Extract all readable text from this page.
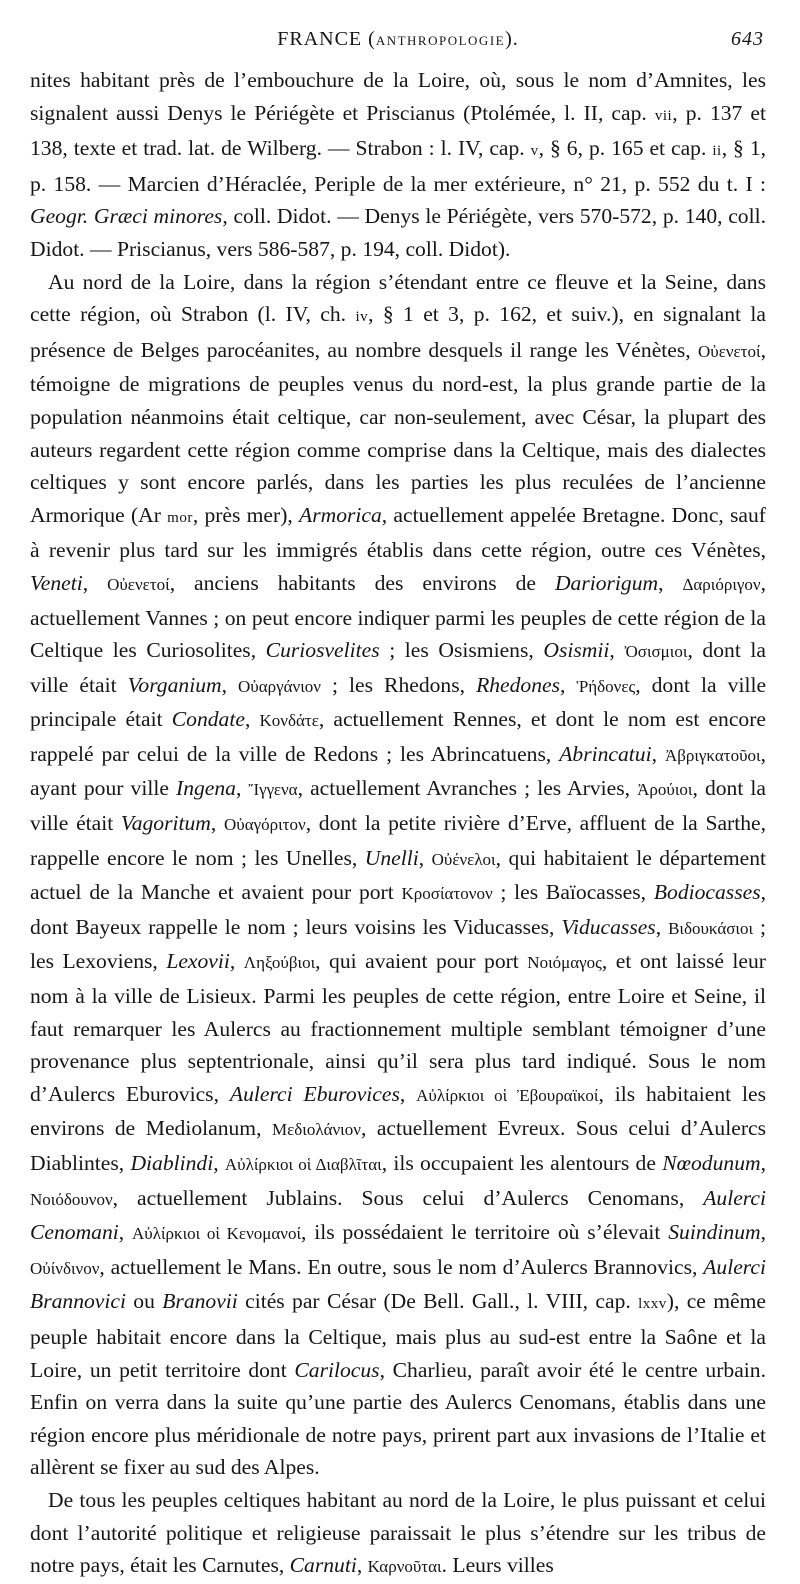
FRANCE (ANTHROPOLOGIE).	643

nites habitant près de l’embouchure de la Loire, où, sous le nom d’Amnites, les signalent aussi Denys le Périégète et Priscianus (Ptolémée, l. II, cap. vii, p. 137 et 138, texte et trad. lat. de Wilberg. — Strabon : l. IV, cap. v, § 6, p. 165 et cap. ii, § 1, p. 158. — Marcien d’Héraclée, Periple de la mer extérieure, n° 21, p. 552 du t. I : Geogr. Græci minores, coll. Didot. — Denys le Périégète, vers 570-572, p. 140, coll. Didot. — Priscianus, vers 586-587, p. 194, coll. Didot).

Au nord de la Loire, dans la région s’étendant entre ce fleuve et la Seine, dans cette région, où Strabon (l. IV, ch. iv, § 1 et 3, p. 162, et suiv.), en signalant la présence de Belges parocéanites, au nombre desquels il range les Vénètes, Οὐενετοί, témoigne de migrations de peuples venus du nord-est, la plus grande partie de la population néanmoins était celtique, car non-seulement, avec César, la plupart des auteurs regardent cette région comme comprise dans la Celtique, mais des dialectes celtiques y sont encore parlés, dans les parties les plus reculées de l’ancienne Armorique (Ar mor, près mer), Armorica, actuellement appelée Bretagne. Donc, sauf à revenir plus tard sur les immigrés établis dans cette région, outre ces Vénètes, Veneti, Οὐενετοί, anciens habitants des environs de Dariorigum, Δαριόριγον, actuellement Vannes ; on peut encore indiquer parmi les peuples de cette région de la Celtique les Curiosolites, Curiosvelites ; les Osismiens, Osismii, Ὀσισμιοι, dont la ville était Vorganium, Οὐαργάνιον ; les Rhedons, Rhedones, Ῥήδονες, dont la ville principale était Condate, Κονδάτε, actuellement Rennes, et dont le nom est encore rappelé par celui de la ville de Redons ; les Abrincatuens, Abrincatui, Ἀβριγκατοῦοι, ayant pour ville Ingena, Ἴγγενα, actuellement Avranches ; les Arvies, Ἀρούιοι, dont la ville était Vagoritum, Οὐαγόριτον, dont la petite rivière d’Erve, affluent de la Sarthe, rappelle encore le nom ; les Unelles, Unelli, Οὐένελοι, qui habitaient le département actuel de la Manche et avaient pour port Κροσίατονον ; les Baïocasses, Bodiocasses, dont Bayeux rappelle le nom ; leurs voisins les Viducasses, Viducasses, Βιδουκάσιοι ; les Lexoviens, Lexovii, Ληξούβιοι, qui avaient pour port Νοιόμαγος, et ont laissé leur nom à la ville de Lisieux. Parmi les peuples de cette région, entre Loire et Seine, il faut remarquer les Aulercs au fractionnement multiple semblant témoigner d’une provenance plus septentrionale, ainsi qu’il sera plus tard indiqué. Sous le nom d’Aulercs Eburovics, Aulerci Eburovices, Αὐλίρκιοι οἱ Ἐβουραϊκοί, ils habitaient les environs de Mediolanum, Μεδιολάνιον, actuellement Evreux. Sous celui d’Aulercs Diablintes, Diablindi, Αὐλίρκιοι οἱ Διαβλῖται, ils occupaient les alentours de Nœodunum, Νοιόδουνον, actuellement Jublains. Sous celui d’Aulercs Cenomans, Aulerci Cenomani, Αὐλίρκιοι οἱ Κενομανοί, ils possédaient le territoire où s’élevait Suindinum, Οὐίνδινον, actuellement le Mans. En outre, sous le nom d’Aulercs Brannovics, Aulerci Brannovici ou Branovii cités par César (De Bell. Gall., l. VIII, cap. lxxv), ce même peuple habitait encore dans la Celtique, mais plus au sud-est entre la Saône et la Loire, un petit territoire dont Carilocus, Charlieu, paraît avoir été le centre urbain. Enfin on verra dans la suite qu’une partie des Aulercs Cenomans, établis dans une région encore plus méridionale de notre pays, prirent part aux invasions de l’Italie et allèrent se fixer au sud des Alpes.

De tous les peuples celtiques habitant au nord de la Loire, le plus puissant et celui dont l’autorité politique et religieuse paraissait le plus s’étendre sur les tribus de notre pays, était les Carnutes, Carnuti, Καρνοῦται. Leurs villes
